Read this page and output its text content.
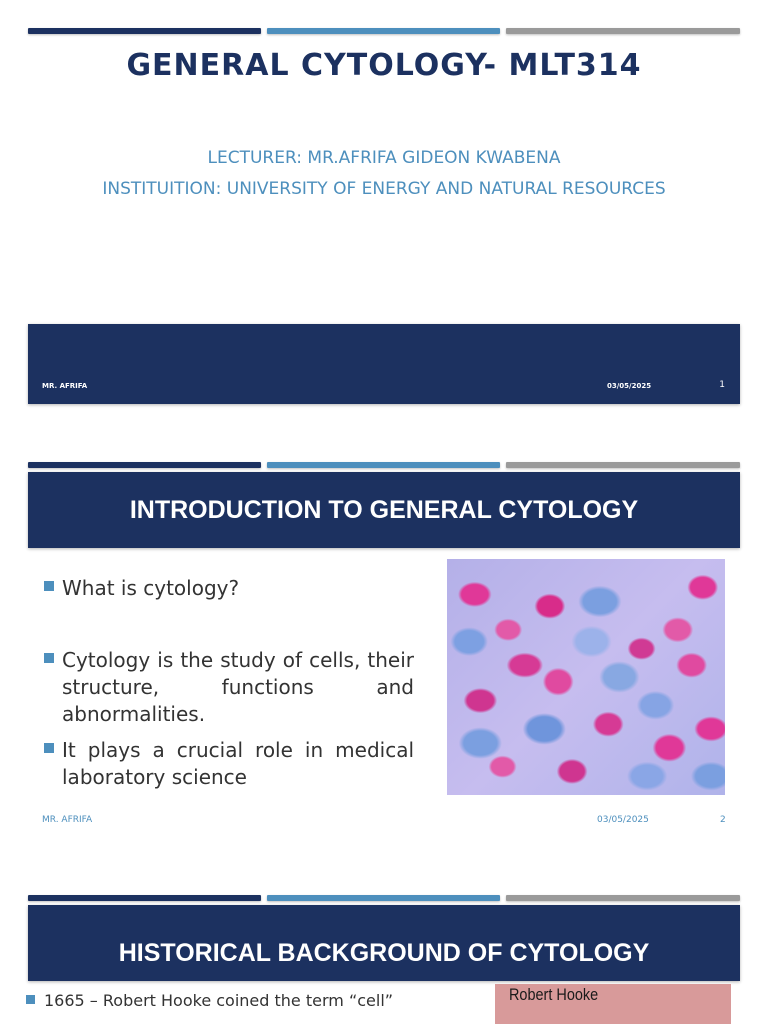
GENERAL CYTOLOGY- MLT314
LECTURER: MR.AFRIFA GIDEON KWABENA
INSTITUITION: UNIVERSITY OF ENERGY AND NATURAL RESOURCES
MR. AFRIFA	03/05/2025	1
INTRODUCTION TO GENERAL CYTOLOGY
What is cytology?
Cytology is the study of cells, their structure, functions and abnormalities.
It plays a crucial role in medical laboratory science
MR. AFRIFA	03/05/2025	2
HISTORICAL BACKGROUND OF CYTOLOGY
1665 – Robert Hooke coined the term “cell”	Robert Hooke
